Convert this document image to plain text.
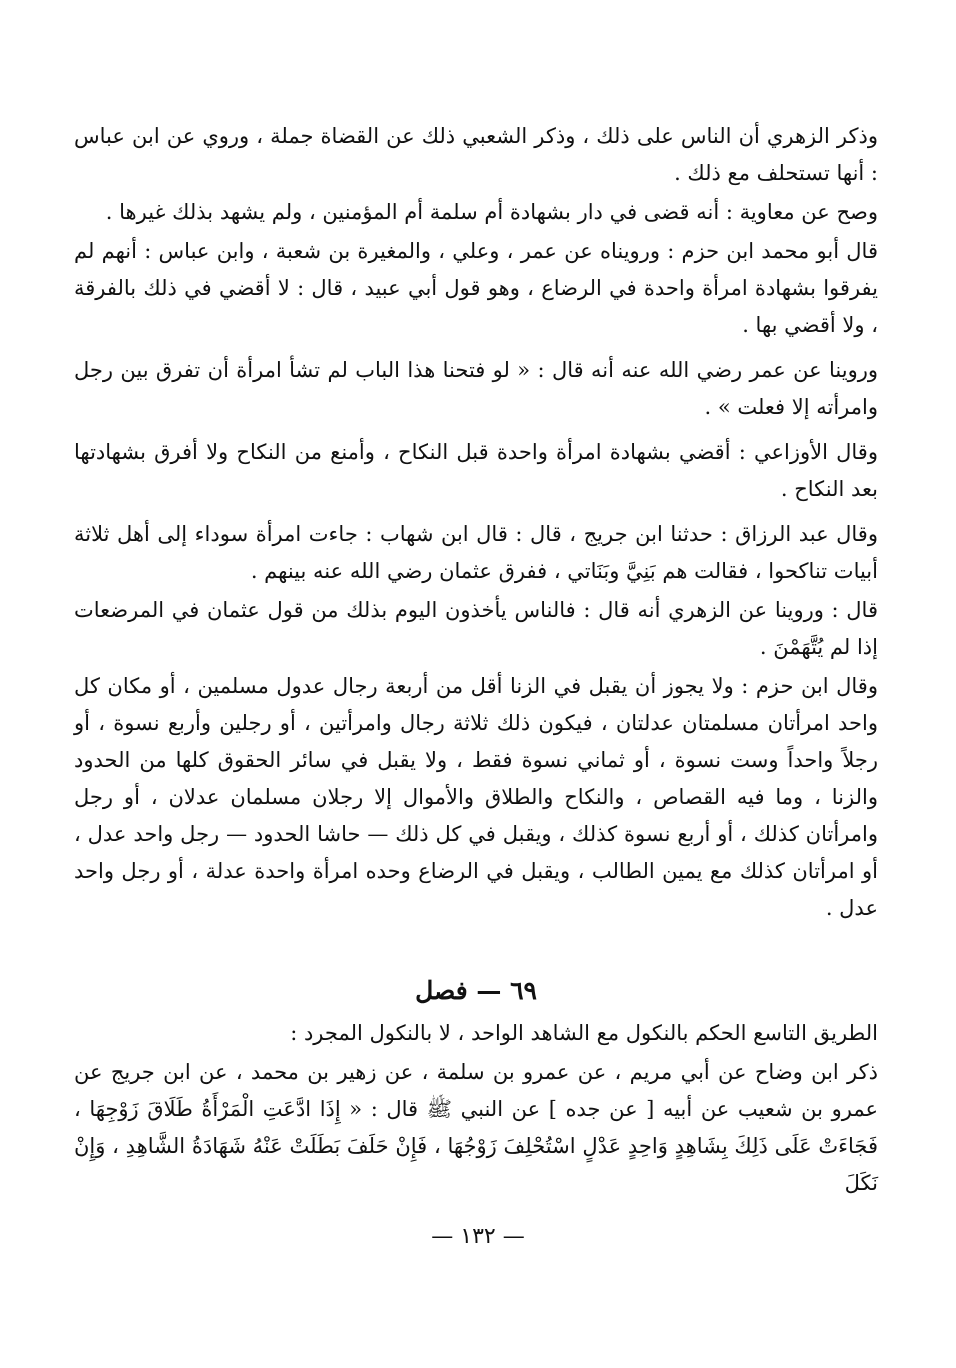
وذكر الزهري أن الناس على ذلك ، وذكر الشعبي ذلك عن القضاة جملة ، وروي عن ابن عباس : أنها تستحلف مع ذلك .

وصح عن معاوية : أنه قضى في دار بشهادة أم سلمة أم المؤمنين ، ولم يشهد بذلك غيرها .

قال أبو محمد ابن حزم : ورويناه عن عمر ، وعلي ، والمغيرة بن شعبة ، وابن عباس : أنهم لم يفرقوا بشهادة امرأة واحدة في الرضاع ، وهو قول أبي عبيد ، قال : لا أقضي في ذلك بالفرقة ، ولا أقضي بها .

وروينا عن عمر رضي الله عنه أنه قال : « لو فتحنا هذا الباب لم تشأ امرأة أن تفرق بين رجل وامرأته إلا فعلت » .

وقال الأوزاعي : أقضي بشهادة امرأة واحدة قبل النكاح ، وأمنع من النكاح ولا أفرق بشهادتها بعد النكاح .

وقال عبد الرزاق : حدثنا ابن جريج ، قال : قال ابن شهاب : جاءت امرأة سوداء إلى أهل ثلاثة أبيات تناكحوا ، فقالت هم بَنِيَّ وبَنَاتي ، ففرق عثمان رضي الله عنه بينهم .

قال : وروينا عن الزهري أنه قال : فالناس يأخذون اليوم بذلك من قول عثمان في المرضعات إذا لم يُتَّهَمْنَ .

وقال ابن حزم : ولا يجوز أن يقبل في الزنا أقل من أربعة رجال عدول مسلمين ، أو مكان كل واحد امرأتان مسلمتان عدلتان ، فيكون ذلك ثلاثة رجال وامرأتين ، أو رجلين وأربع نسوة ، أو رجلاً واحداً وست نسوة ، أو ثماني نسوة فقط ، ولا يقبل في سائر الحقوق كلها من الحدود والزنا ، وما فيه القصاص ، والنكاح والطلاق والأموال إلا رجلان مسلمان عدلان ، أو رجل وامرأتان كذلك ، أو أربع نسوة كذلك ، ويقبل في كل ذلك — حاشا الحدود — رجل واحد عدل ، أو امرأتان كذلك مع يمين الطالب ، ويقبل في الرضاع وحده امرأة واحدة عدلة ، أو رجل واحد عدل .

٦٩ — فصل

الطريق التاسع الحكم بالنكول مع الشاهد الواحد ، لا بالنكول المجرد :

ذكر ابن وضاح عن أبي مريم ، عن عمرو بن سلمة ، عن زهير بن محمد ، عن ابن جريج عن عمرو بن شعيب عن أبيه [ عن جده ] عن النبي ﷺ قال : « إِذَا ادَّعَتِ الْمَرْأَةُ طَلَاقَ زَوْجِهَا ، فَجَاءَتْ عَلَى ذَلِكَ بِشَاهِدٍ وَاحِدٍ عَدْلٍ اسْتُحْلِفَ زَوْجُهَا ، فَإِنْ حَلَفَ بَطَلَتْ عَنْهُ شَهَادَةُ الشَّاهِدِ ، وَإِنْ نَكَلَ

— ١٣٢ —
